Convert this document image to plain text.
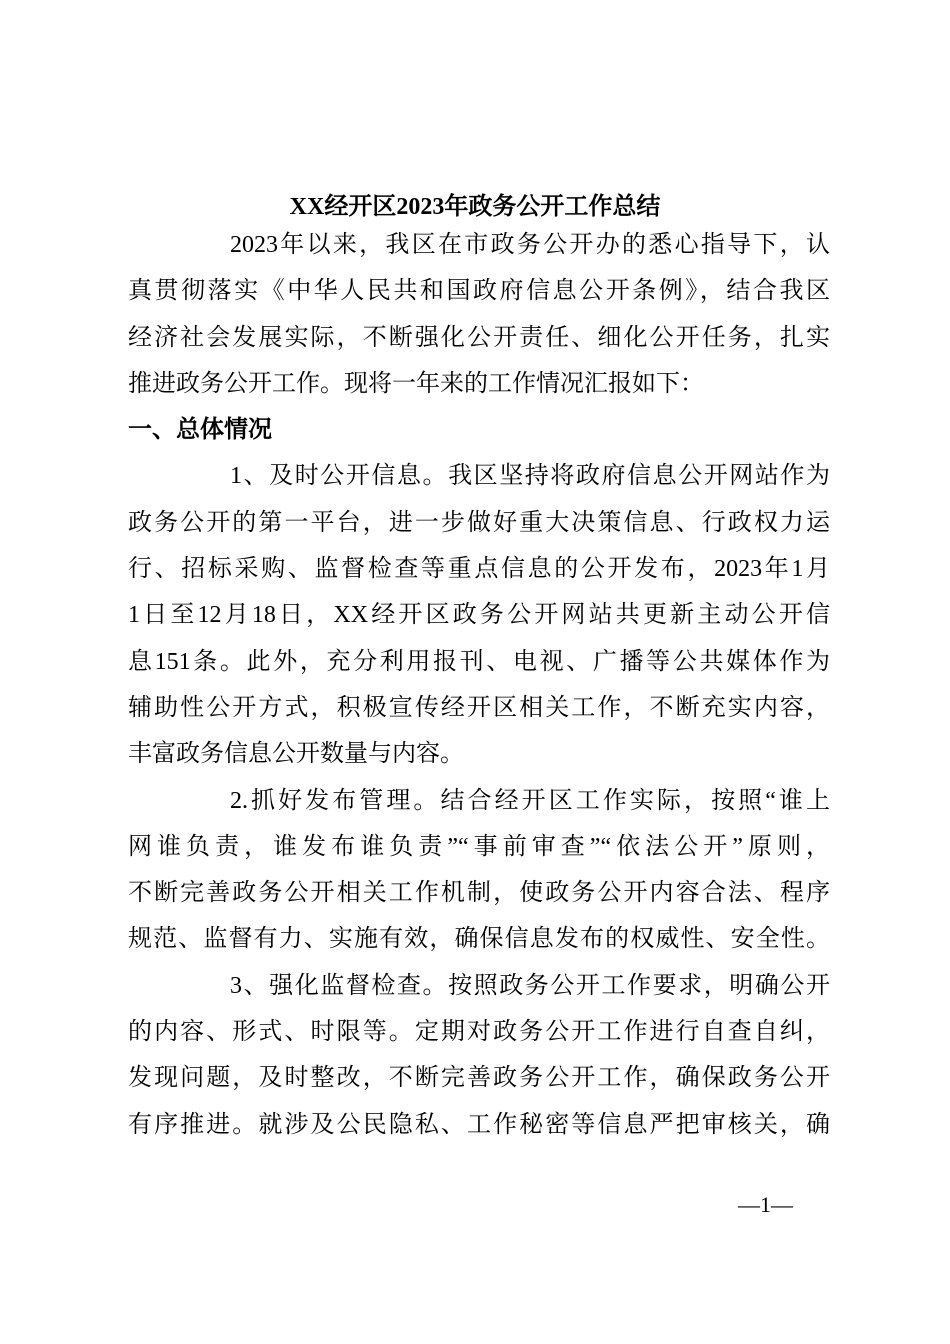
XX经开区2023年政务公开工作总结
2023年以来，我区在市政务公开办的悉心指导下，认
真贯彻落实《中华人民共和国政府信息公开条例》，结合我区
经济社会发展实际，不断强化公开责任、细化公开任务，扎实
推进政务公开工作。现将一年来的工作情况汇报如下：
一、总体情况
1、及时公开信息。我区坚持将政府信息公开网站作为
政务公开的第一平台，进一步做好重大决策信息、行政权力运
行、招标采购、监督检查等重点信息的公开发布，2023年1月
1日至12月18日，XX经开区政务公开网站共更新主动公开信
息151条。此外，充分利用报刊、电视、广播等公共媒体作为
辅助性公开方式，积极宣传经开区相关工作，不断充实内容，
丰富政务信息公开数量与内容。
2.抓好发布管理。结合经开区工作实际，按照“谁上
网谁负责，谁发布谁负责”“事前审查”“依法公开”原则，
不断完善政务公开相关工作机制，使政务公开内容合法、程序
规范、监督有力、实施有效，确保信息发布的权威性、安全性。
3、强化监督检查。按照政务公开工作要求，明确公开
的内容、形式、时限等。定期对政务公开工作进行自查自纠，
发现问题，及时整改，不断完善政务公开工作，确保政务公开
有序推进。就涉及公民隐私、工作秘密等信息严把审核关，确
—1—
